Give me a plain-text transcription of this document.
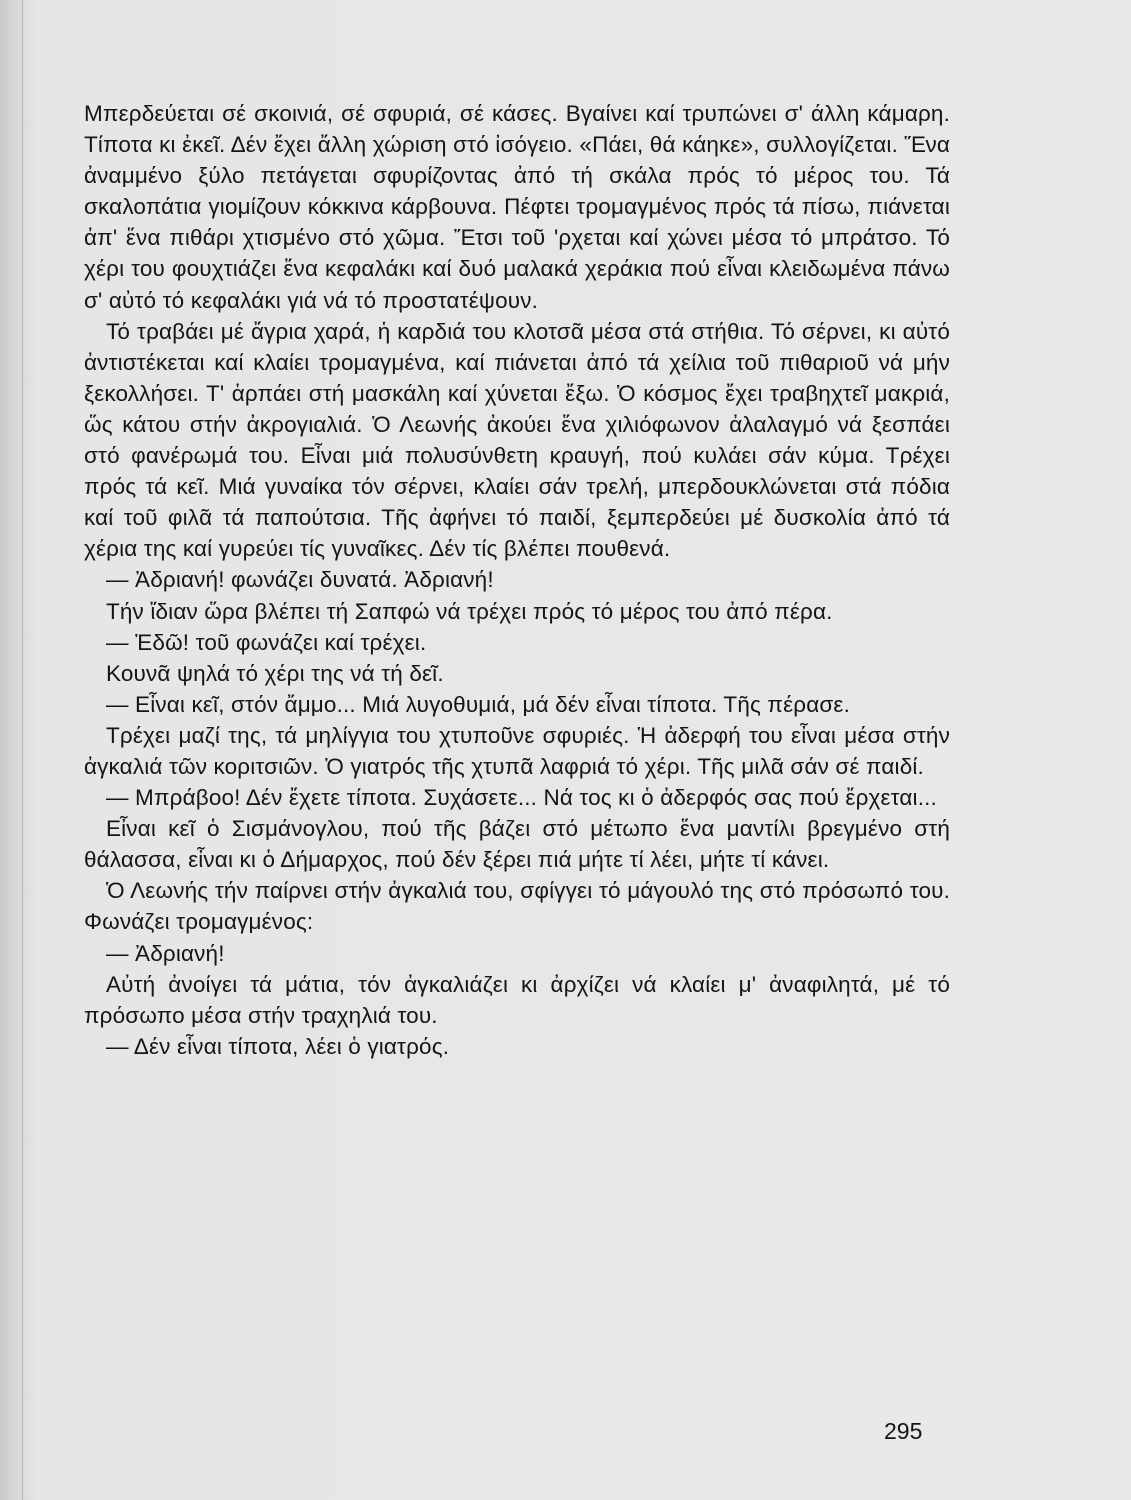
Μπερδεύεται σέ σκοινιά, σέ σφυριά, σέ κάσες. Βγαίνει καί τρυπώνει σ' άλλη κάμαρη. Τίποτα κι ἐκεῖ. Δέν ἔχει ἄλλη χώριση στό ἰσόγειο. «Πάει, θά κάηκε», συλλογίζεται. Ἕνα ἀναμμένο ξύλο πετάγεται σφυρίζοντας ἀπό τή σκάλα πρός τό μέρος του. Τά σκαλοπάτια γιομίζουν κόκκινα κάρβουνα. Πέφτει τρομαγμένος πρός τά πίσω, πιάνεται ἀπ' ἕνα πιθάρι χτισμένο στό χῶμα. Ἔτσι τοῦ 'ρχεται καί χώνει μέσα τό μπράτσο. Τό χέρι του φουχτιάζει ἕνα κεφαλάκι καί δυό μαλακά χεράκια πού εἶναι κλειδωμένα πάνω σ' αὐτό τό κεφαλάκι γιά νά τό προστατέψουν.

Τό τραβάει μέ ἄγρια χαρά, ἡ καρδιά του κλοτσᾶ μέσα στά στήθια. Τό σέρνει, κι αὐτό ἀντιστέκεται καί κλαίει τρομαγμένα, καί πιάνεται ἀπό τά χείλια τοῦ πιθαριοῦ νά μήν ξεκολλήσει. Τ' ἁρπάει στή μασκάλη καί χύνεται ἔξω. Ὁ κόσμος ἔχει τραβηχτεῖ μακριά, ὥς κάτου στήν ἀκρογιαλιά. Ὁ Λεωνής ἀκούει ἕνα χιλιόφωνον ἀλαλαγμό νά ξεσπάει στό φανέρωμά του. Εἶναι μιά πολυσύνθετη κραυγή, πού κυλάει σάν κύμα. Τρέχει πρός τά κεῖ. Μιά γυναίκα τόν σέρνει, κλαίει σάν τρελή, μπερδουκλώνεται στά πόδια καί τοῦ φιλᾶ τά παπούτσια. Τῆς ἀφήνει τό παιδί, ξεμπερδεύει μέ δυσκολία ἀπό τά χέρια της καί γυρεύει τίς γυναῖκες. Δέν τίς βλέπει πουθενά.

— Ἀδριανή! φωνάζει δυνατά. Ἀδριανή!

Τήν ἴδιαν ὥρα βλέπει τή Σαπφώ νά τρέχει πρός τό μέρος του ἀπό πέρα.

— Ἐδῶ! τοῦ φωνάζει καί τρέχει.

Κουνᾶ ψηλά τό χέρι της νά τή δεῖ.

— Εἶναι κεῖ, στόν ἄμμο... Μιά λυγοθυμιά, μά δέν εἶναι τίποτα. Τῆς πέρασε.

Τρέχει μαζί της, τά μηλίγγια του χτυποῦνε σφυριές. Ἡ ἀδερφή του εἶναι μέσα στήν ἀγκαλιά τῶν κοριτσιῶν. Ὁ γιατρός τῆς χτυπᾶ λαφριά τό χέρι. Τῆς μιλᾶ σάν σέ παιδί.

— Μπράβοο! Δέν ἔχετε τίποτα. Συχάσετε... Νά τος κι ὁ ἀδερφός σας πού ἔρχεται...

Εἶναι κεῖ ὁ Σισμάνογλου, πού τῆς βάζει στό μέτωπο ἕνα μαντίλι βρεγμένο στή θάλασσα, εἶναι κι ὁ Δήμαρχος, πού δέν ξέρει πιά μήτε τί λέει, μήτε τί κάνει.

Ὁ Λεωνής τήν παίρνει στήν ἀγκαλιά του, σφίγγει τό μάγουλό της στό πρόσωπό του. Φωνάζει τρομαγμένος:

— Ἀδριανή!

Αὐτή ἀνοίγει τά μάτια, τόν ἀγκαλιάζει κι ἀρχίζει νά κλαίει μ' ἀναφιλητά, μέ τό πρόσωπο μέσα στήν τραχηλιά του.

— Δέν εἶναι τίποτα, λέει ὁ γιατρός.

295
